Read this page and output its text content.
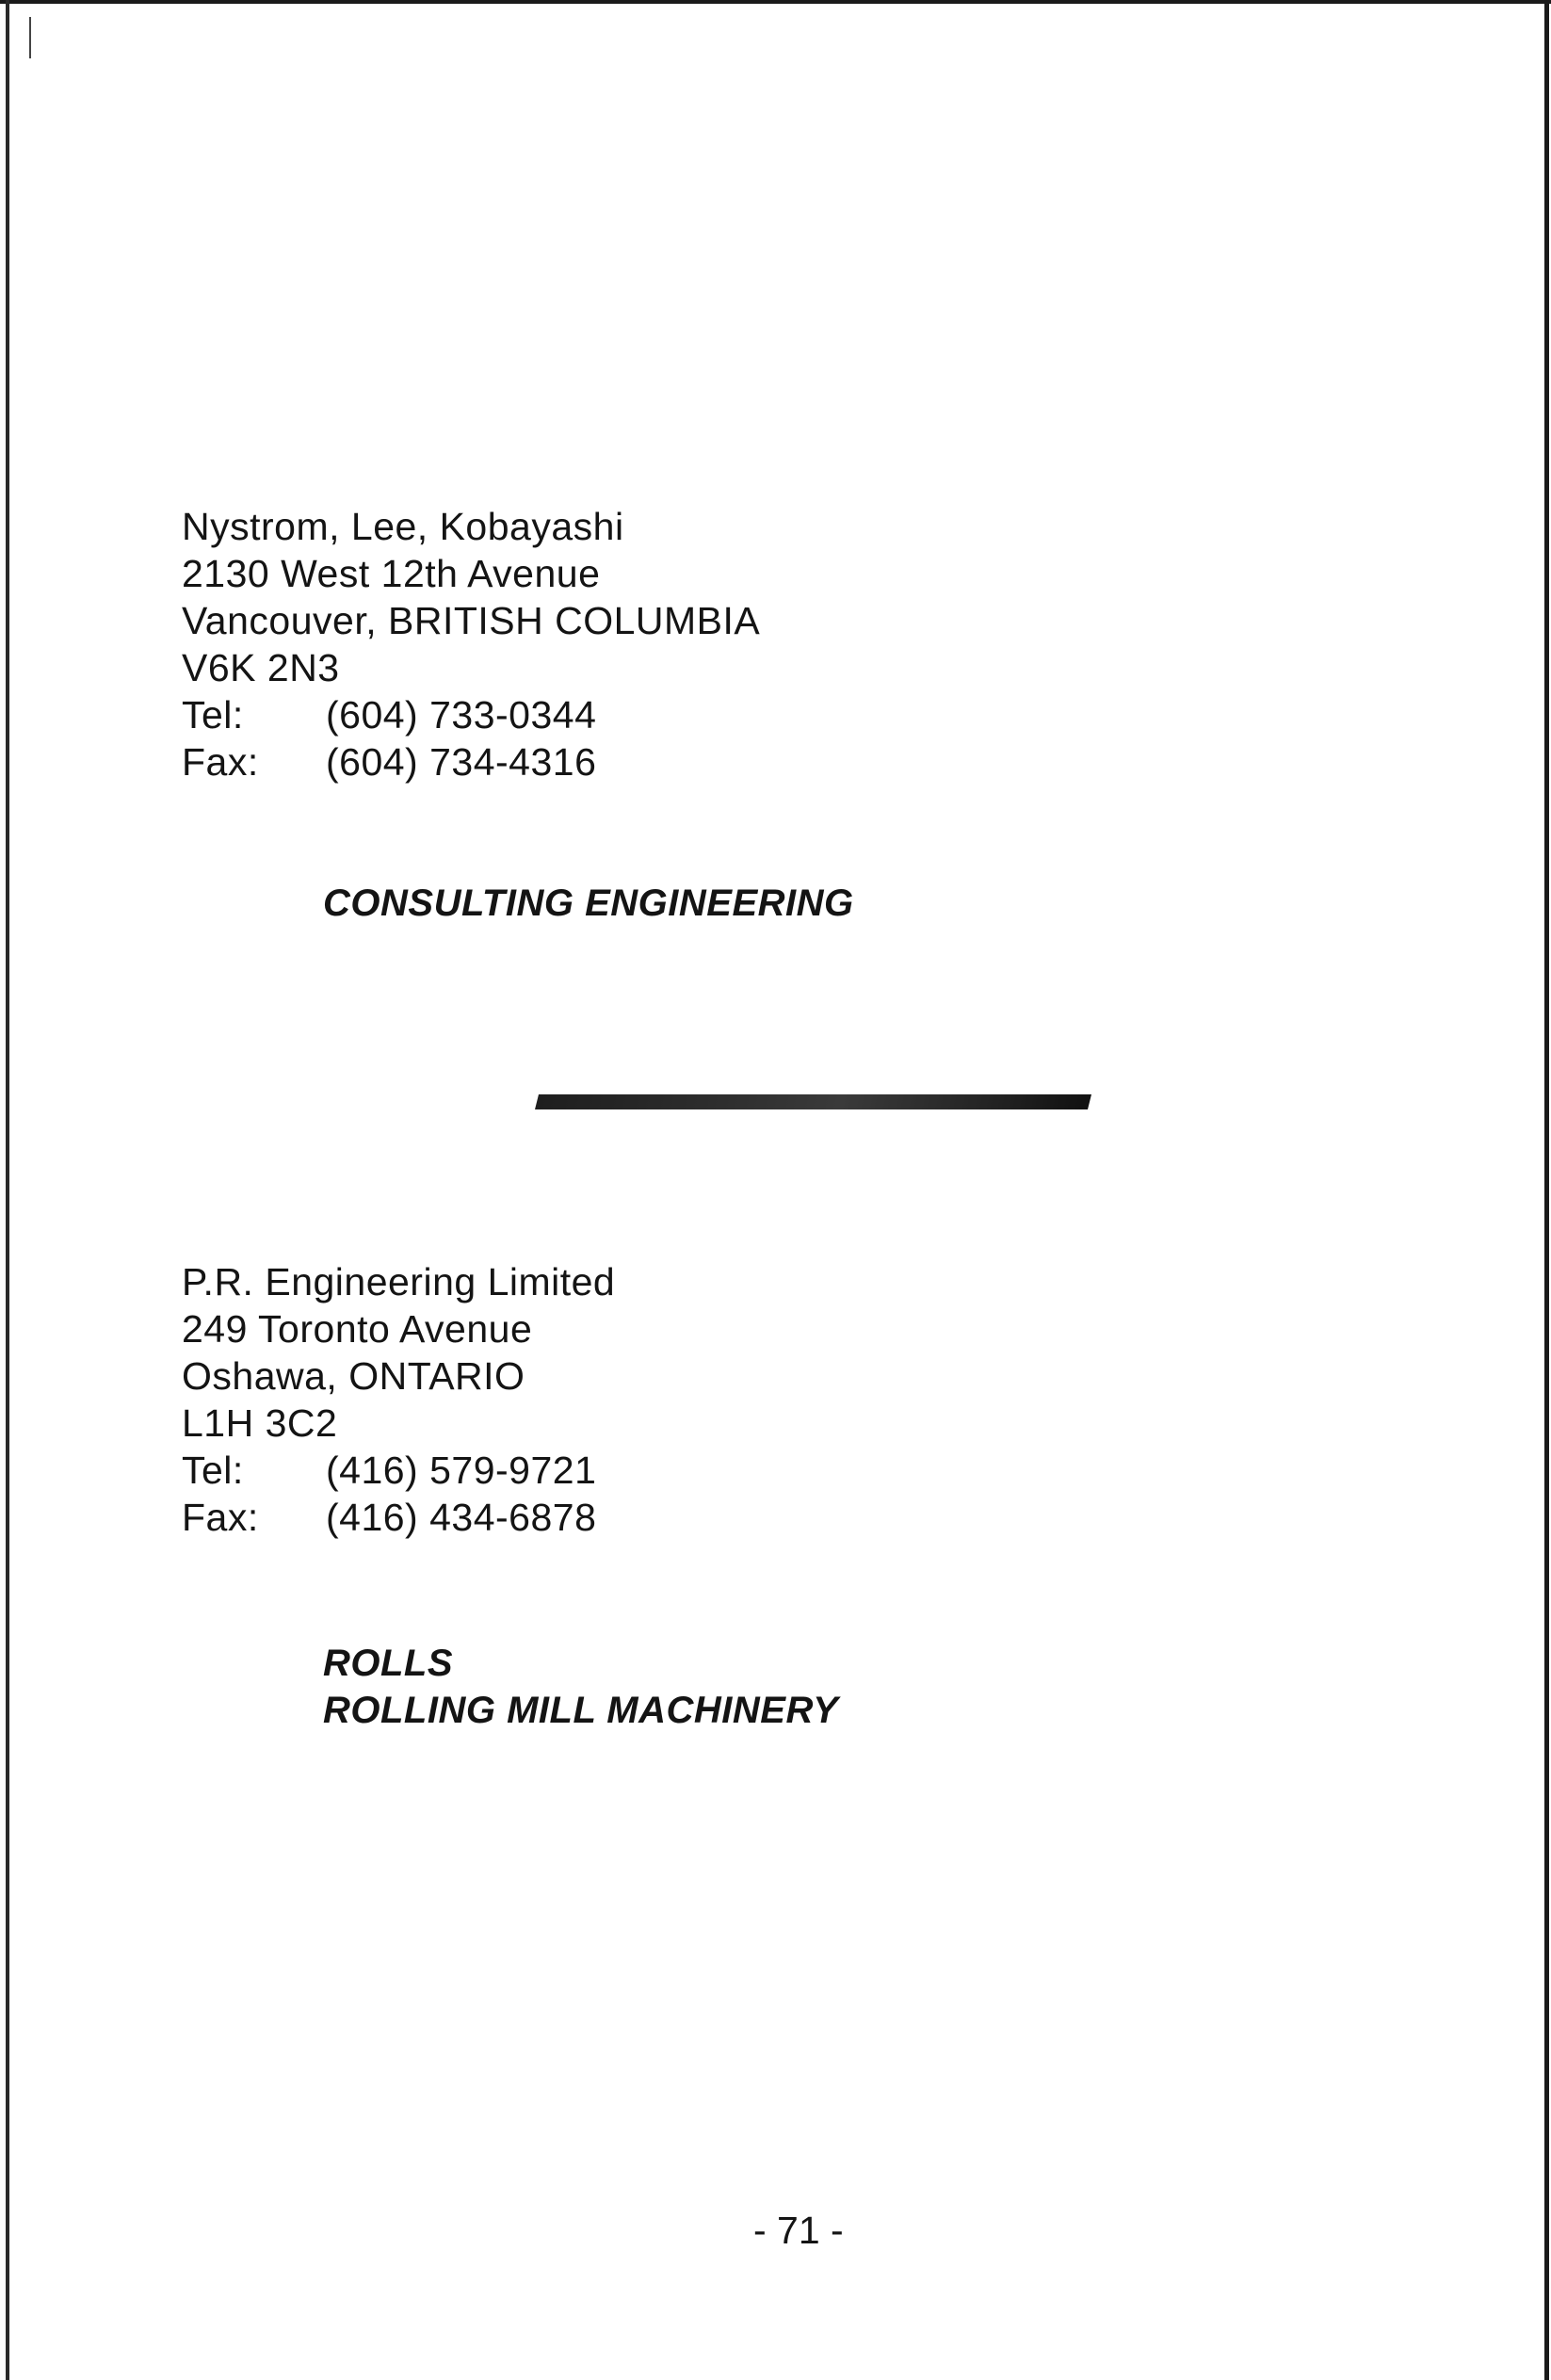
Nystrom, Lee, Kobayashi
2130 West 12th Avenue
Vancouver, BRITISH COLUMBIA
V6K 2N3
Tel:	(604) 733-0344
Fax:	(604) 734-4316
CONSULTING ENGINEERING
P.R. Engineering Limited
249 Toronto Avenue
Oshawa, ONTARIO
L1H 3C2
Tel:	(416) 579-9721
Fax:	(416) 434-6878
ROLLS
ROLLING MILL MACHINERY
- 71 -
